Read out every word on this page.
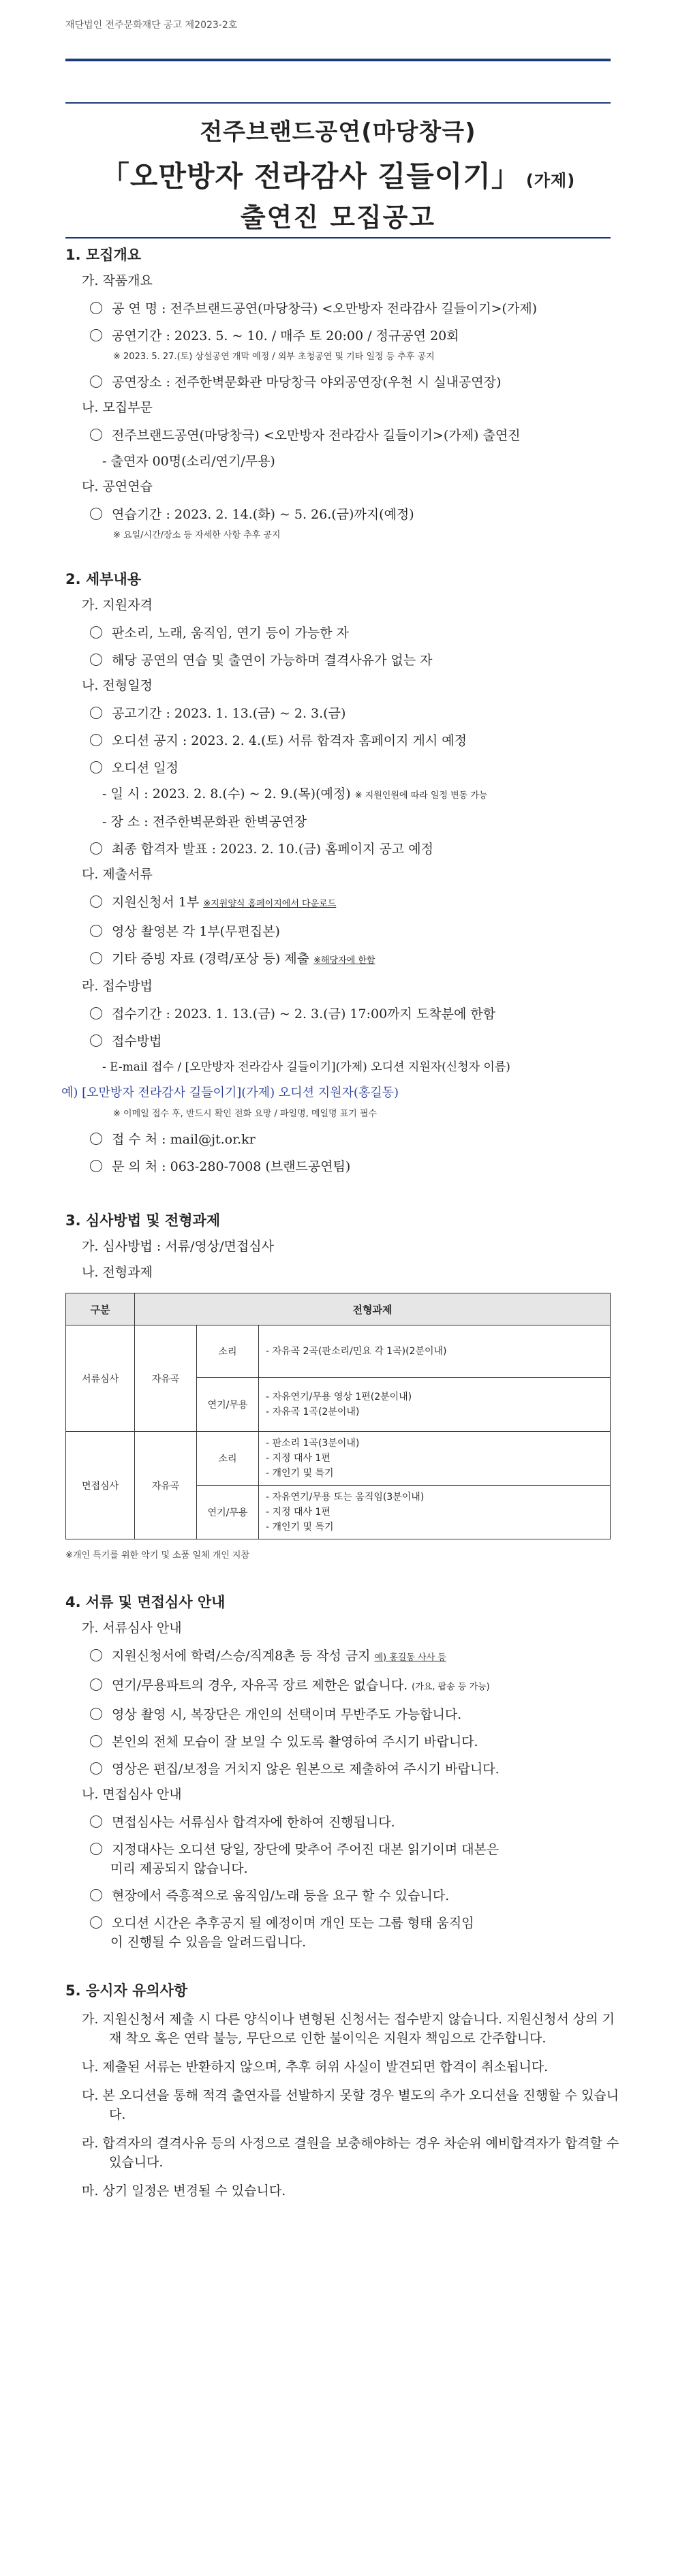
재단법인 전주문화재단 공고 제2023-2호
전주브랜드공연(마당창극)
「오만방자 전라감사 길들이기」 (가제)
출연진 모집공고
1. 모집개요
가. 작품개요
공 연 명 : 전주브랜드공연(마당창극) <오만방자 전라감사 길들이기>(가제)
공연기간 : 2023. 5. ~ 10. / 매주 토 20:00 / 정규공연 20회
※ 2023. 5. 27.(토) 상설공연 개막 예정 / 외부 초청공연 및 기타 일정 등 추후 공지
공연장소 : 전주한벽문화관 마당창극 야외공연장(우천 시 실내공연장)
나. 모집부문
전주브랜드공연(마당창극) <오만방자 전라감사 길들이기>(가제) 출연진
- 출연자 00명(소리/연기/무용)
다. 공연연습
연습기간 : 2023. 2. 14.(화) ~ 5. 26.(금)까지(예정)
※ 요일/시간/장소 등 자세한 사항 추후 공지
2. 세부내용
가. 지원자격
판소리, 노래, 움직임, 연기 등이 가능한 자
해당 공연의 연습 및 출연이 가능하며 결격사유가 없는 자
나. 전형일정
공고기간 : 2023. 1. 13.(금) ~ 2. 3.(금)
오디션 공지 : 2023. 2. 4.(토) 서류 합격자 홈페이지 게시 예정
오디션 일정
- 일 시 : 2023. 2. 8.(수) ~ 2. 9.(목)(예정) ※ 지원인원에 따라 일정 변동 가능
- 장 소 : 전주한벽문화관 한벽공연장
최종 합격자 발표 : 2023. 2. 10.(금) 홈페이지 공고 예정
다. 제출서류
지원신청서 1부 ※지원양식 홈페이지에서 다운로드
영상 촬영본 각 1부(무편집본)
기타 증빙 자료 (경력/포상 등) 제출 ※해당자에 한함
라. 접수방법
접수기간 : 2023. 1. 13.(금) ~ 2. 3.(금) 17:00까지 도착분에 한함
접수방법
- E-mail 접수 / [오만방자 전라감사 길들이기](가제) 오디션 지원자(신청자 이름)
예) [오만방자 전라감사 길들이기](가제) 오디션 지원자(홍길동)
※ 이메일 접수 후, 반드시 확인 전화 요망 / 파일명, 메일명 표기 필수
접 수 처 : mail@jt.or.kr
문 의 처 : 063-280-7008 (브랜드공연팀)
3. 심사방법 및 전형과제
가. 심사방법 : 서류/영상/면접심사
나. 전형과제
구분	전형과제		
서류심사	자유곡	소리	- 자유곡 2곡(판소리/민요 각 1곡)(2분이내)
		연기/무용	- 자유연기/무용 영상 1편(2분이내)
- 자유곡 1곡(2분이내)

면접심사	자유곡	소리	- 판소리 1곡(3분이내)
- 지정 대사 1편
- 개인기 및 특기

		연기/무용	- 자유연기/무용 또는 움직임(3분이내)
- 지정 대사 1편
- 개인기 및 특기
※개인 특기를 위한 악기 및 소품 일체 개인 지참
4. 서류 및 면접심사 안내
가. 서류심사 안내
지원신청서에 학력/스승/직계8촌 등 작성 금지 예) 홍길동 사사 등
연기/무용파트의 경우, 자유곡 장르 제한은 없습니다. (가요, 팝송 등 가능)
영상 촬영 시, 복장단은 개인의 선택이며 무반주도 가능합니다.
본인의 전체 모습이 잘 보일 수 있도록 촬영하여 주시기 바랍니다.
영상은 편집/보정을 거치지 않은 원본으로 제출하여 주시기 바랍니다.
나. 면접심사 안내
면접심사는 서류심사 합격자에 한하여 진행됩니다.
지정대사는 오디션 당일, 장단에 맞추어 주어진 대본 읽기이며 대본은
미리 제공되지 않습니다.
현장에서 즉흥적으로 움직임/노래 등을 요구 할 수 있습니다.
오디션 시간은 추후공지 될 예정이며 개인 또는 그룹 형태 움직임
이 진행될 수 있음을 알려드립니다.
5. 응시자 유의사항
가. 지원신청서 제출 시 다른 양식이나 변형된 신청서는 접수받지 않습니다. 지원신청서 상의 기재 착오 혹은 연락 불능, 무단으로 인한 불이익은 지원자 책임으로 간주합니다.
나. 제출된 서류는 반환하지 않으며, 추후 허위 사실이 발견되면 합격이 취소됩니다.
다. 본 오디션을 통해 적격 출연자를 선발하지 못할 경우 별도의 추가 오디션을 진행할 수 있습니다.
라. 합격자의 결격사유 등의 사정으로 결원을 보충해야하는 경우 차순위 예비합격자가 합격할 수 있습니다.
마. 상기 일정은 변경될 수 있습니다.
